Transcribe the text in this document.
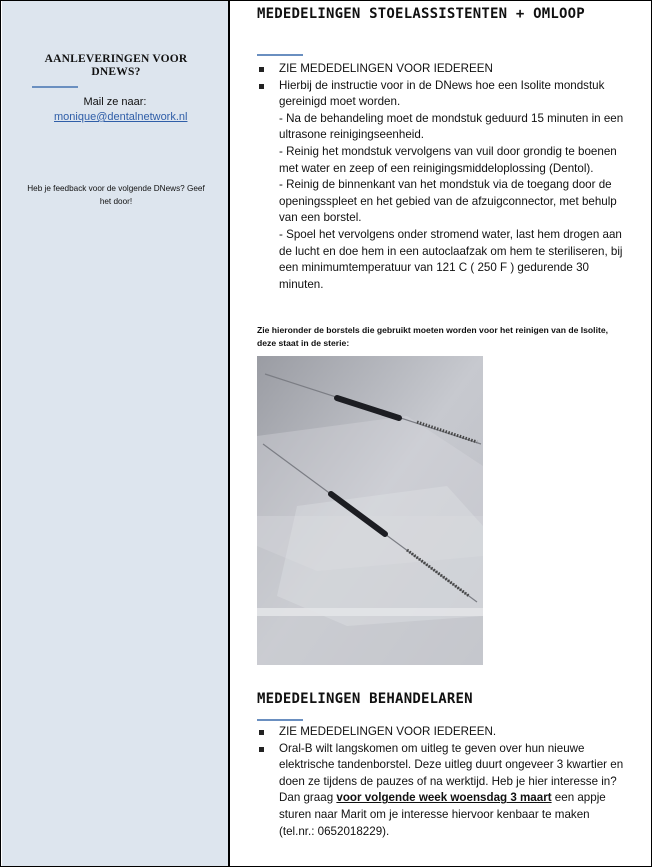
AANLEVERINGEN VOOR DNEWS?
Mail ze naar:
monique@dentalnetwork.nl
Heb je feedback voor de volgende DNews? Geef het door!
MEDEDELINGEN STOELASSISTENTEN + OMLOOP
ZIE MEDEDELINGEN VOOR IEDEREEN
Hierbij de instructie voor in de DNews hoe een Isolite mondstuk gereinigd moet worden.
- Na de behandeling moet de mondstuk geduurd 15 minuten in een ultrasone reinigingseenheid.
- Reinig het mondstuk vervolgens van vuil door grondig te boenen met water en zeep of een reinigingsmiddeloplossing (Dentol).
- Reinig de binnenkant van het mondstuk via de toegang door de openingsspleet en het gebied van de afzuigconnector, met behulp van een borstel.
- Spoel het vervolgens onder stromend water, last hem drogen aan de lucht en doe hem in een autoclaafzak om hem te steriliseren, bij een minimumtemperatuur van 121 C ( 250 F ) gedurende 30 minuten.
Zie hieronder de borstels die gebruikt moeten worden voor het reinigen van de Isolite, deze staat in de sterie:
MEDEDELINGEN BEHANDELAREN
ZIE MEDEDELINGEN VOOR IEDEREEN.
Oral-B wilt langskomen om uitleg te geven over hun nieuwe elektrische tandenborstel. Deze uitleg duurt ongeveer 3 kwartier en doen ze tijdens de pauzes of na werktijd. Heb je hier interesse in? Dan graag voor volgende week woensdag 3 maart een appje sturen naar Marit om je interesse hiervoor kenbaar te maken (tel.nr.: 0652018229).
